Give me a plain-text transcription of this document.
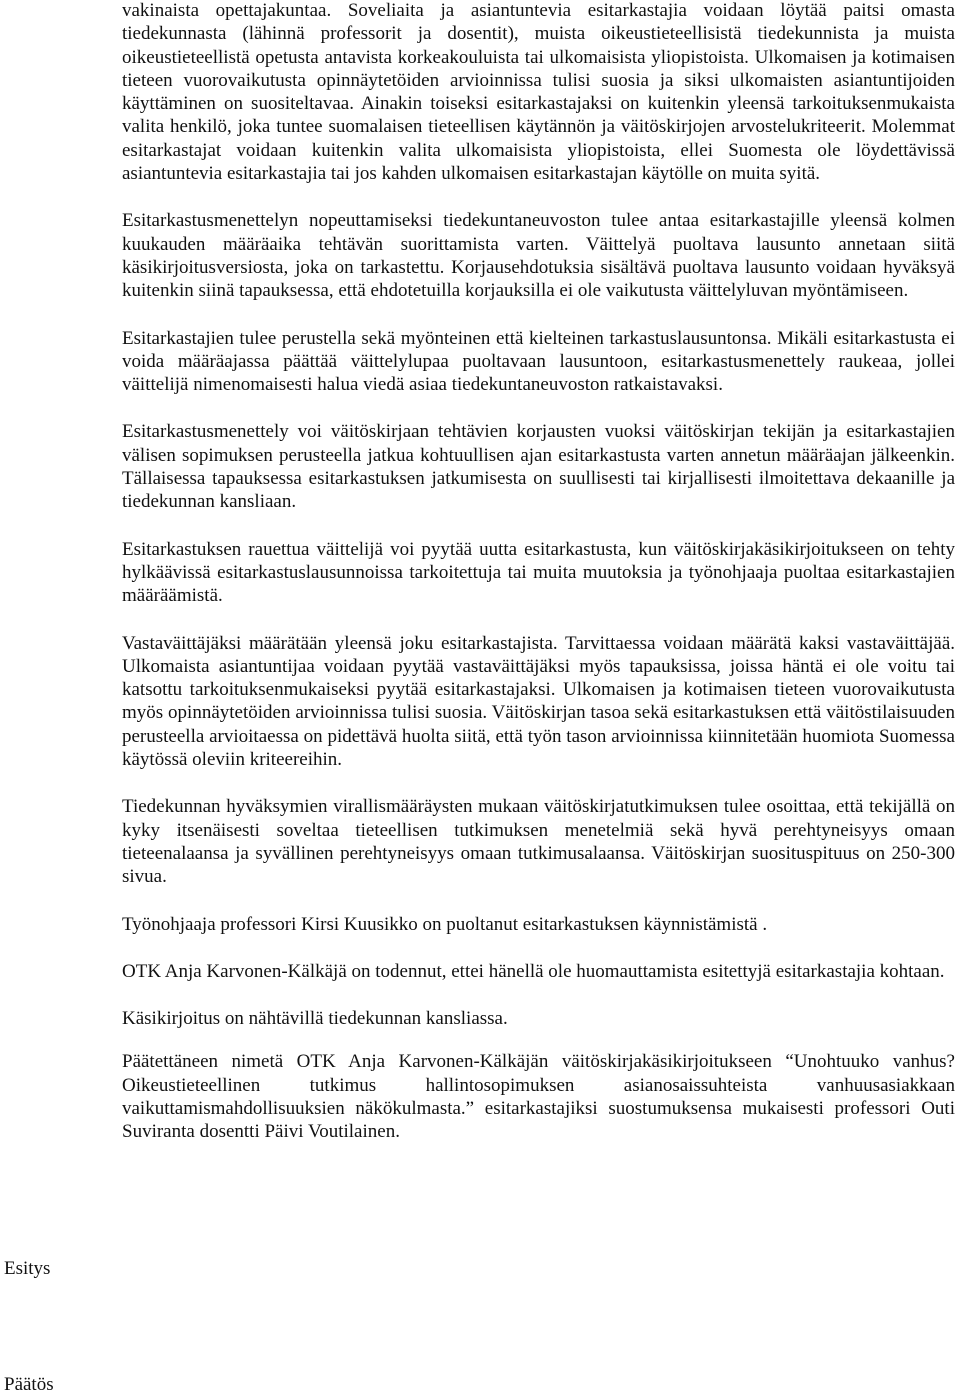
Esitys
Päätös

vakinaista opettajakuntaa. Soveliaita ja asiantuntevia esitarkastajia voidaan löytää paitsi omasta tiedekunnasta (lähinnä professorit ja dosentit), muista oikeustieteellisistä tiedekunnista ja muista oikeustieteellistä opetusta antavista korkeakouluista tai ulkomaisista yliopistoista. Ulkomaisen ja kotimaisen tieteen vuorovaikutusta opinnäytetöiden arvioinnissa tulisi suosia ja siksi ulkomaisten asiantuntijoiden käyttäminen on suositeltavaa. Ainakin toiseksi esitarkastajaksi on kuitenkin yleensä tarkoituksenmukaista valita henkilö, joka tuntee suomalaisen tieteellisen käytännön ja väitöskirjojen arvostelukriteerit. Molemmat esitarkastajat voidaan kuitenkin valita ulkomaisista yliopistoista, ellei Suomesta ole löydettävissä asiantuntevia esitarkastajia tai jos kahden ulkomaisen esitarkastajan käytölle on muita syitä.

Esitarkastusmenettelyn nopeuttamiseksi tiedekuntaneuvoston tulee antaa esitarkastajille yleensä kolmen kuukauden määräaika tehtävän suorittamista varten. Väittelyä puoltava lausunto annetaan siitä käsikirjoitusversiosta, joka on tarkastettu. Korjausehdotuksia sisältävä puoltava lausunto voidaan hyväksyä kuitenkin siinä tapauksessa, että ehdotetuilla korjauksilla ei ole vaikutusta väittelyluvan myöntämiseen.

Esitarkastajien tulee perustella sekä myönteinen että kielteinen tarkastuslausuntonsa. Mikäli esitarkastusta ei voida määräajassa päättää väittelylupaa puoltavaan lausuntoon, esitarkastusmenettely raukeaa, jollei väittelijä nimenomaisesti halua viedä asiaa tiedekuntaneuvoston ratkaistavaksi.

Esitarkastusmenettely voi väitöskirjaan tehtävien korjausten vuoksi väitöskirjan tekijän ja esitarkastajien välisen sopimuksen perusteella jatkua kohtuullisen ajan esitarkastusta varten annetun määräajan jälkeenkin. Tällaisessa tapauksessa esitarkastuksen jatkumisesta on suullisesti tai kirjallisesti ilmoitettava dekaanille ja tiedekunnan kansliaan.

Esitarkastuksen rauettua väittelijä voi pyytää uutta esitarkastusta, kun väitöskirjakäsikirjoitukseen on tehty hylkäävissä esitarkastuslausunnoissa tarkoitettuja tai muita muutoksia ja työnohjaaja puoltaa esitarkastajien määräämistä.

Vastaväittäjäksi määrätään yleensä joku esitarkastajista. Tarvittaessa voidaan määrätä kaksi vastaväittäjää. Ulkomaista asiantuntijaa voidaan pyytää vastaväittäjäksi myös tapauksissa, joissa häntä ei ole voitu tai katsottu tarkoituksenmukaiseksi pyytää esitarkastajaksi. Ulkomaisen ja kotimaisen tieteen vuorovaikutusta myös opinnäytetöiden arvioinnissa tulisi suosia. Väitöskirjan tasoa sekä esitarkastuksen että väitöstilaisuuden perusteella arvioitaessa on pidettävä huolta siitä, että työn tason arvioinnissa kiinnitetään huomiota Suomessa käytössä oleviin kriteereihin.

Tiedekunnan hyväksymien virallismääräysten mukaan väitöskirjatutkimuksen tulee osoittaa, että tekijällä on kyky itsenäisesti soveltaa tieteellisen tutkimuksen menetelmiä sekä hyvä perehtyneisyys omaan tieteenalaansa ja syvällinen perehtyneisyys omaan tutkimusalaansa. Väitöskirjan suosituspituus on 250-300 sivua.

Työnohjaaja professori Kirsi Kuusikko on puoltanut esitarkastuksen käynnistämistä .

OTK Anja Karvonen-Kälkäjä on todennut, ettei hänellä ole huomauttamista esitettyjä esitarkastajia kohtaan.

Käsikirjoitus on nähtävillä tiedekunnan kansliassa.

Päätettäneen nimetä OTK Anja Karvonen-Kälkäjän väitöskirjakäsikirjoitukseen “Unohtuuko vanhus? Oikeustieteellinen tutkimus hallintosopimuksen asianosaissuhteista vanhuusasiakkaan vaikuttamismahdollisuuksien näkökulmasta.” esitarkastajiksi suostumuksensa mukaisesti professori Outi Suviranta dosentti Päivi Voutilainen.
